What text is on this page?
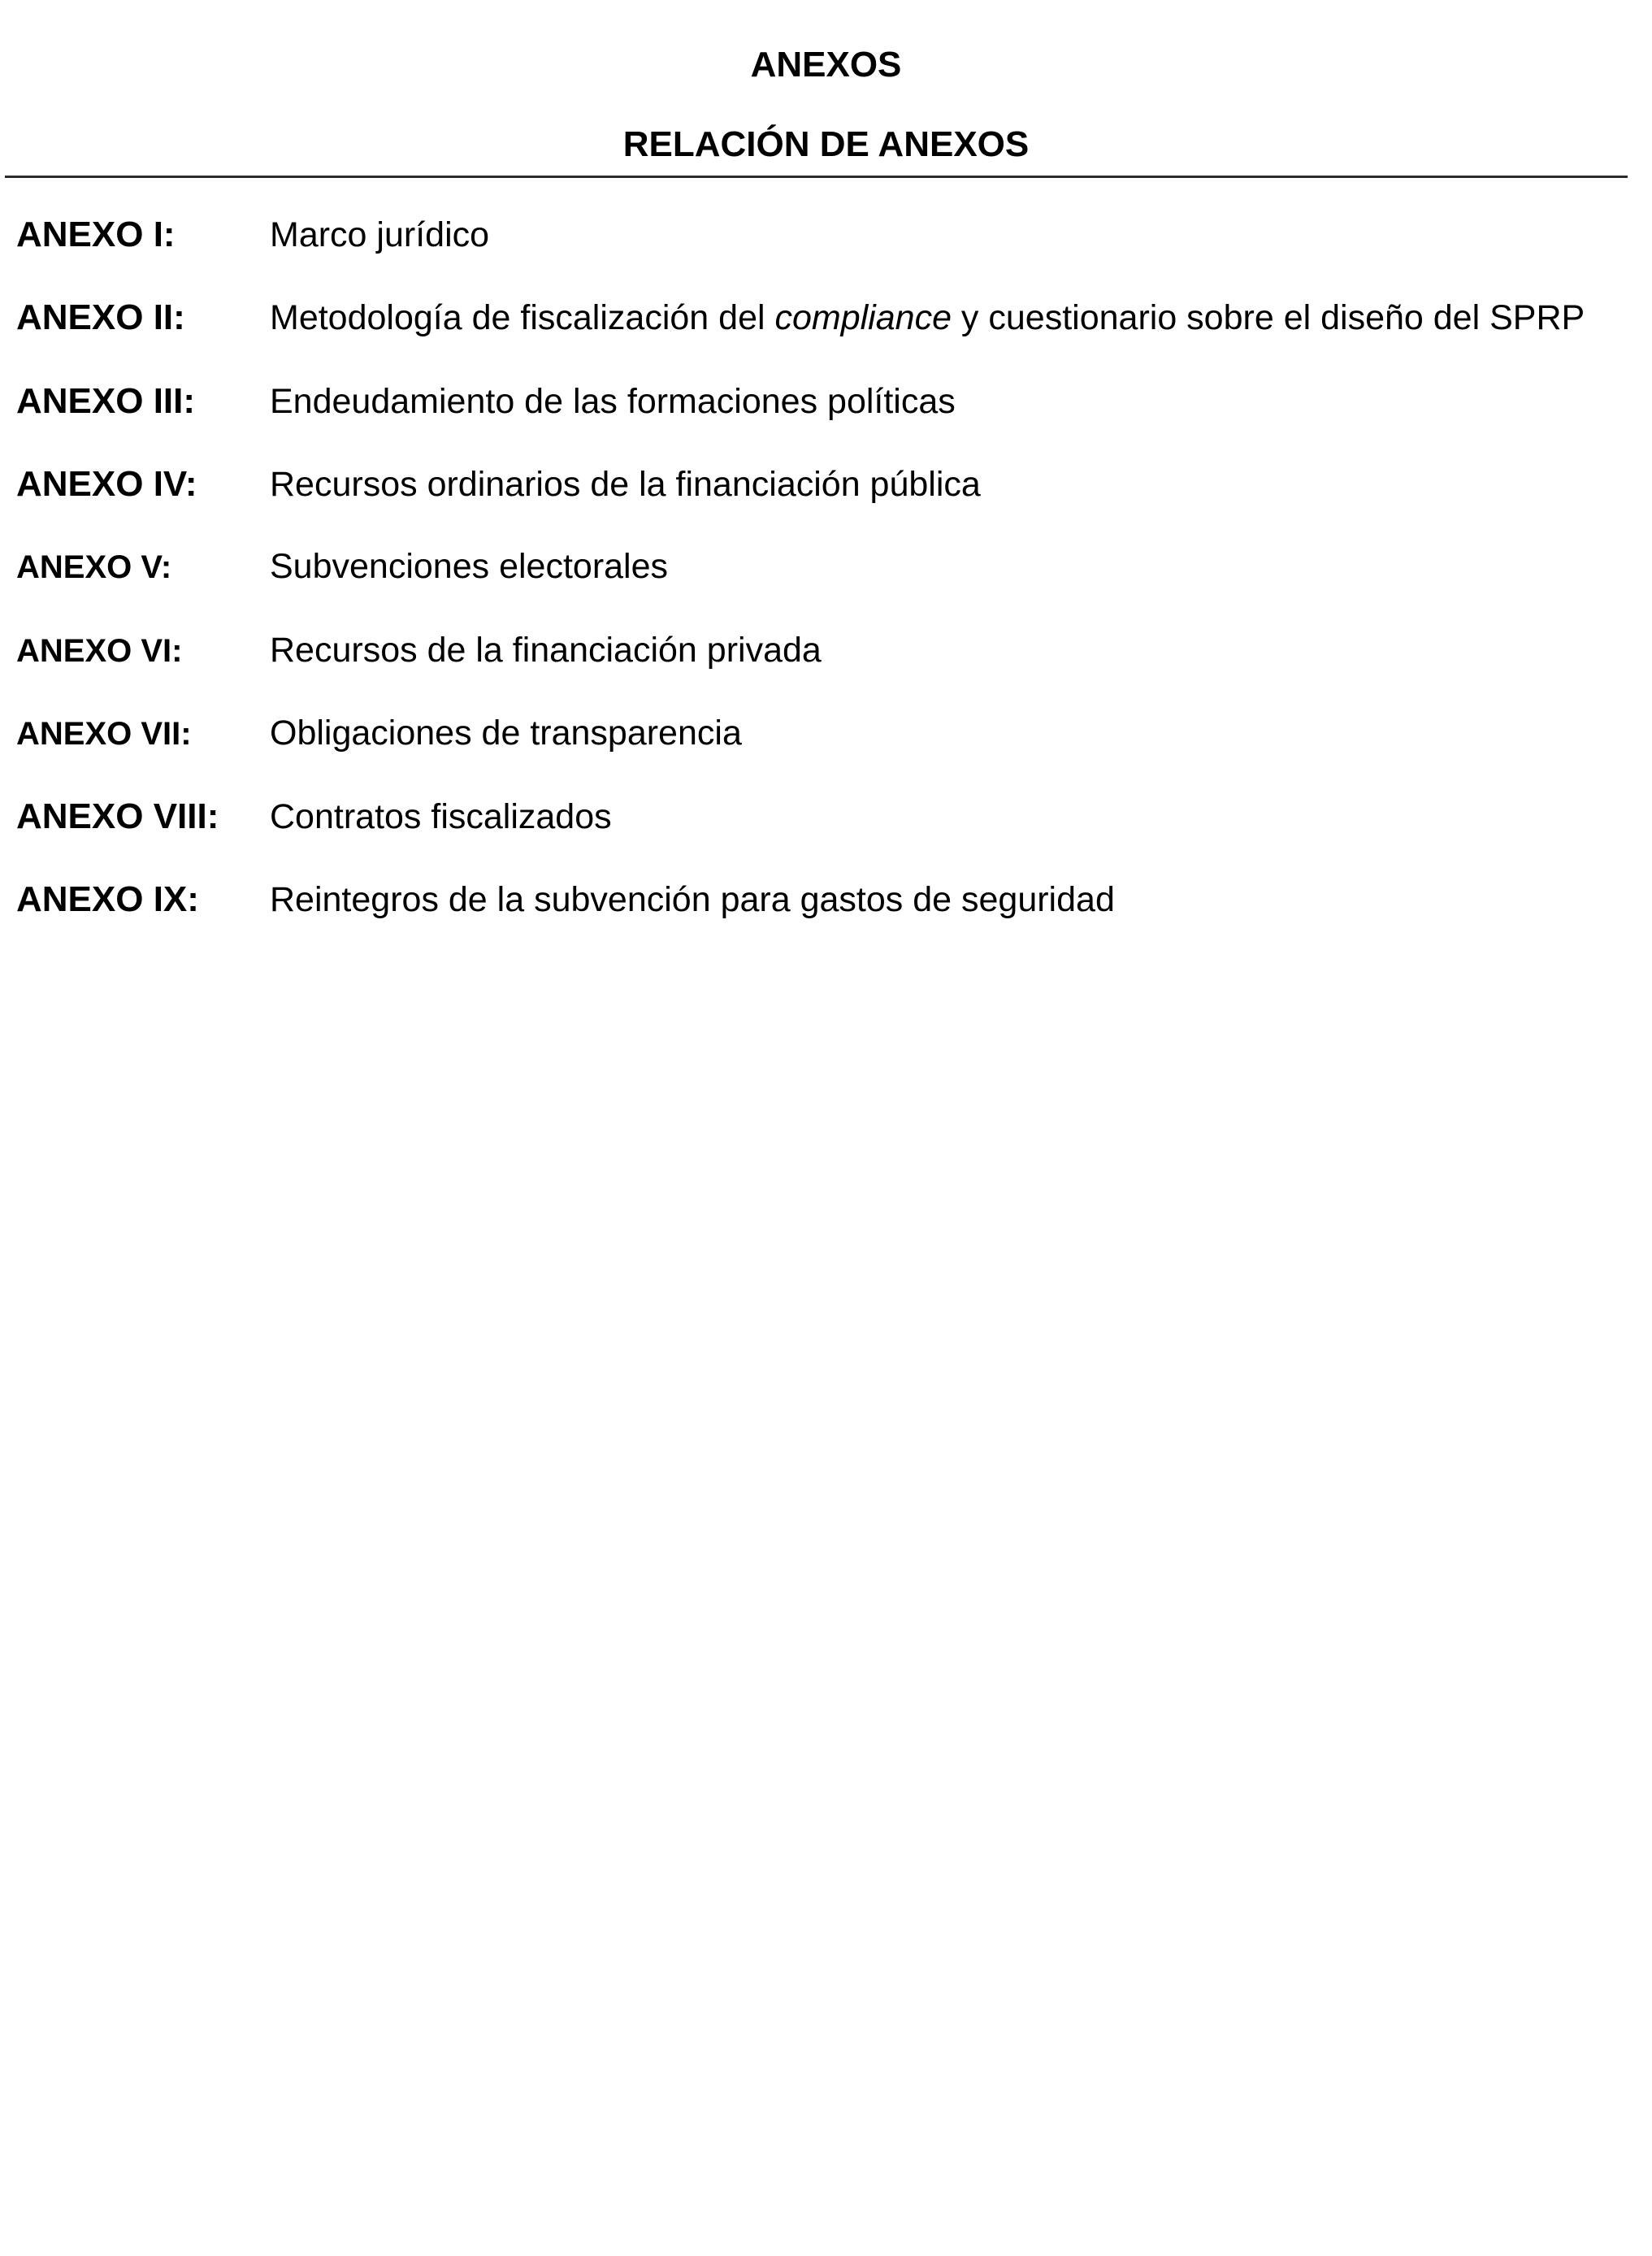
ANEXOS
RELACIÓN DE ANEXOS
ANEXO I:	Marco jurídico
ANEXO II: Metodología de fiscalización del compliance y cuestionario sobre el diseño del SPRP
ANEXO III: Endeudamiento de las formaciones políticas
ANEXO IV: Recursos ordinarios de la financiación pública
ANEXO V:	Subvenciones electorales
ANEXO VI:	Recursos de la financiación privada
ANEXO VII: Obligaciones de transparencia
ANEXO VIII: Contratos fiscalizados
ANEXO IX: Reintegros de la subvención para gastos de seguridad
